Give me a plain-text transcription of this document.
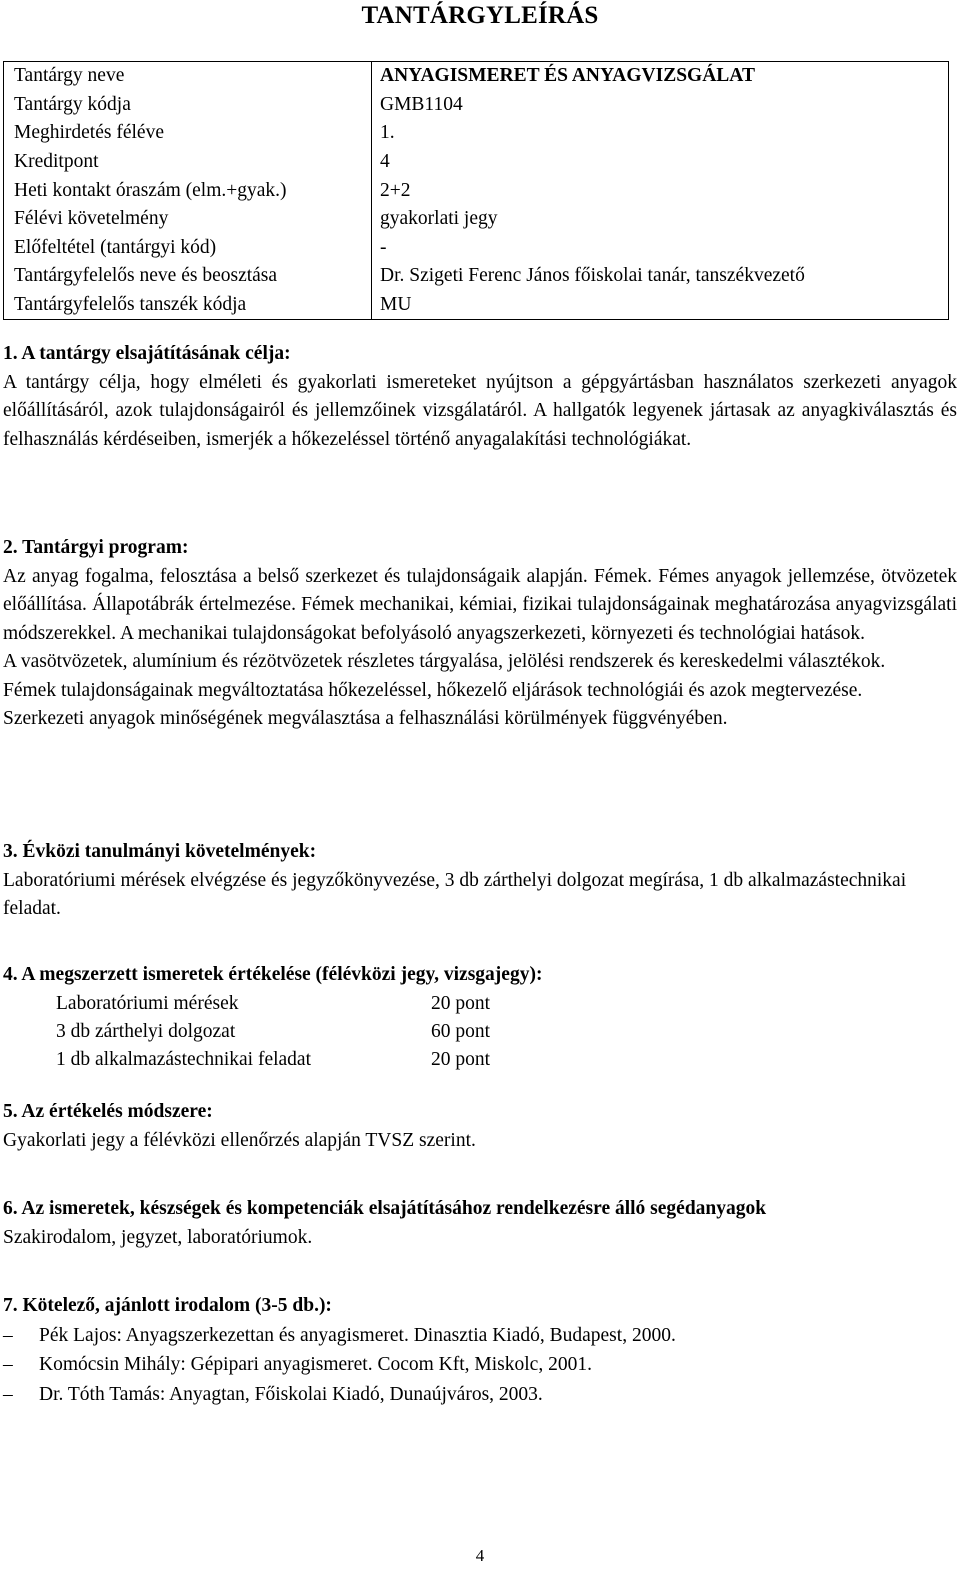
TANTÁRGYLEÍRÁS
Tantárgy neve	ANYAGISMERET ÉS ANYAGVIZSGÁLAT
Tantárgy kódja	GMB1104
Meghirdetés féléve	1.
Kreditpont	4
Heti kontakt óraszám (elm.+gyak.)	2+2
Félévi követelmény	gyakorlati jegy
Előfeltétel (tantárgyi kód)	-
Tantárgyfelelős neve és beosztása	Dr. Szigeti Ferenc János főiskolai tanár, tanszékvezető
Tantárgyfelelős tanszék kódja	MU
1. A tantárgy elsajátításának célja:

A tantárgy célja, hogy elméleti és gyakorlati ismereteket nyújtson a gépgyártásban használatos szerkezeti anyagok előállításáról, azok tulajdonságairól és jellemzőinek vizsgálatáról. A hallgatók legyenek jártasak az anyagkiválasztás és felhasználás kérdéseiben, ismerjék a hőkezeléssel történő anyagalakítási technológiákat.

2. Tantárgyi program:

Az anyag fogalma, felosztása a belső szerkezet és tulajdonságaik alapján. Fémek. Fémes anyagok jellemzése, ötvözetek előállítása. Állapotábrák értelmezése. Fémek mechanikai, kémiai, fizikai tulajdonságainak meghatározása anyagvizsgálati módszerekkel. A mechanikai tulajdonságokat befolyásoló anyagszerkezeti, környezeti és technológiai hatások.

A vasötvözetek, alumínium és rézötvözetek részletes tárgyalása, jelölési rendszerek és kereskedelmi választékok.

Fémek tulajdonságainak megváltoztatása hőkezeléssel, hőkezelő eljárások technológiái és azok megtervezése.

Szerkezeti anyagok minőségének megválasztása a felhasználási körülmények függvényében.

3. Évközi tanulmányi követelmények:

Laboratóriumi mérések elvégzése és jegyzőkönyvezése, 3 db zárthelyi dolgozat megírása, 1 db alkalmazástechnikai feladat.

4. A megszerzett ismeretek értékelése (félévközi jegy, vizsgajegy):
Laboratóriumi mérések	20 pont
3 db zárthelyi dolgozat	60 pont
1 db alkalmazástechnikai feladat	20 pont
5. Az értékelés módszere:

Gyakorlati jegy a félévközi ellenőrzés alapján TVSZ szerint.

6. Az ismeretek, készségek és kompetenciák elsajátításához rendelkezésre álló segédanyagok

Szakirodalom, jegyzet, laboratóriumok.

7. Kötelező, ajánlott irodalom (3-5 db.):
–	Pék Lajos: Anyagszerkezettan és anyagismeret. Dinasztia Kiadó, Budapest, 2000.
–	Komócsin Mihály: Gépipari anyagismeret. Cocom Kft, Miskolc, 2001.
–	Dr. Tóth Tamás: Anyagtan, Főiskolai Kiadó, Dunaújváros, 2003.
4
